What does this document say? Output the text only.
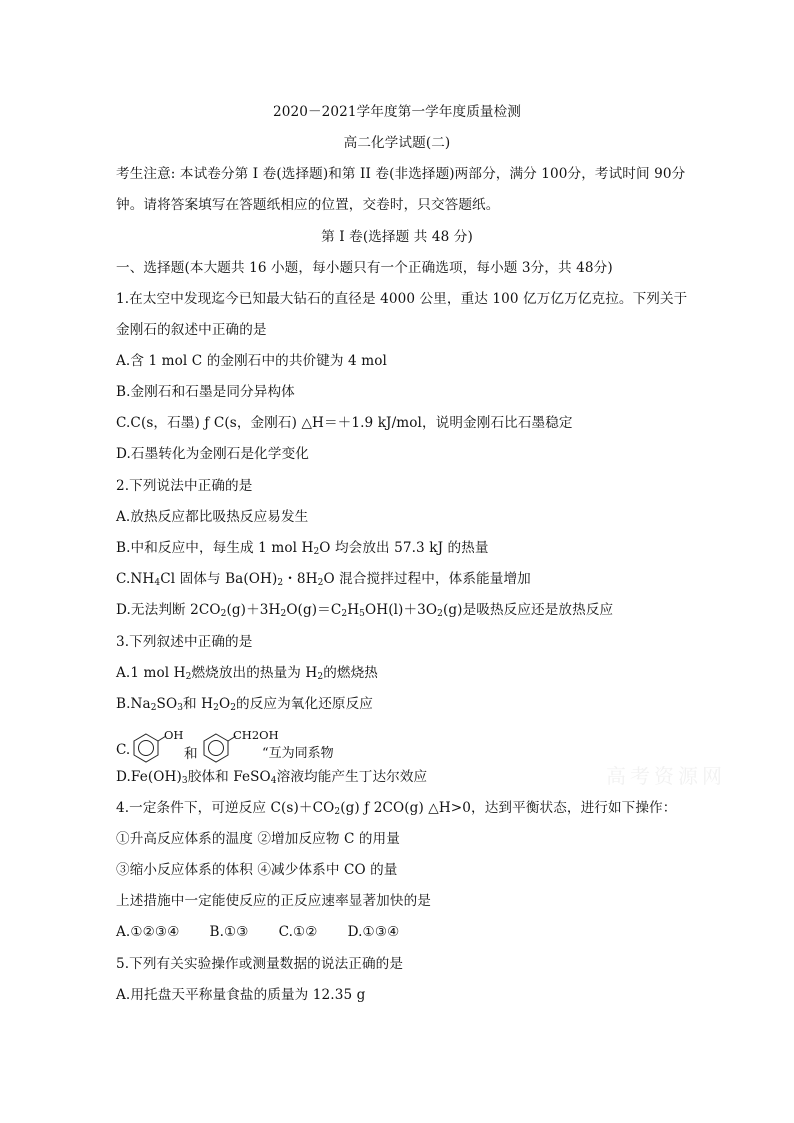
2020－2021学年度第一学年度质量检测
高二化学试题(二)
考生注意: 本试卷分第 I 卷(选择题)和第 II 卷(非选择题)两部分，满分 100分，考试时间 90分
钟。请将答案填写在答题纸相应的位置，交卷时，只交答题纸。
第 I 卷(选择题 共 48 分)
一、选择题(本大题共 16 小题，每小题只有一个正确选项，每小题 3分，共 48分)
1.在太空中发现迄今已知最大钻石的直径是 4000 公里，重达 100 亿万亿万亿克拉。下列关于
金刚石的叙述中正确的是
A.含 1 mol C 的金刚石中的共价键为 4 mol
B.金刚石和石墨是同分异构体
C.C(s，石墨) ƒ C(s，金刚石) △H＝＋1.9 kJ/mol，说明金刚石比石墨稳定
D.石墨转化为金刚石是化学变化
2.下列说法中正确的是
A.放热反应都比吸热反应易发生
B.中和反应中，每生成 1 mol $H_2O$ 均会放出 57.3 kJ 的热量
$C.NH_4Cl$ 固体与 $Ba(OH)_2$・$8H_2O$ 混合搅拌过程中，体系能量增加
D.无法判断 $2CO_2(g)+3H_2O(g)=C_2H_5OH(l)+3O_2(g)$是吸热反应还是放热反应
3.下列叙述中正确的是
A.1 mol $H_2$燃烧放出的热量为 $H_2$的燃烧热
$B.Na_2SO_3$和 $H_2O_2$的反应为氧化还原反应
C.
OH
和
CH2OH
“互为同系物
$D.Fe(OH)_3$胶体和 FeSO$_4$溶液均能产生丁达尔效应
4.一定条件下，可逆反应 $C(s)+CO_2(g)$ ƒ 2CO(g) △H>0，达到平衡状态，进行如下操作：
①升高反应体系的温度 ②增加反应物 C 的用量
③缩小反应体系的体积 ④减少体系中 CO 的量
上述措施中一定能使反应的正反应速率显著加快的是
A.①②③④ B.①③ C.①② D.①③④
5.下列有关实验操作或测量数据的说法正确的是
A.用托盘天平称量食盐的质量为 12.35 g
高考资源网
